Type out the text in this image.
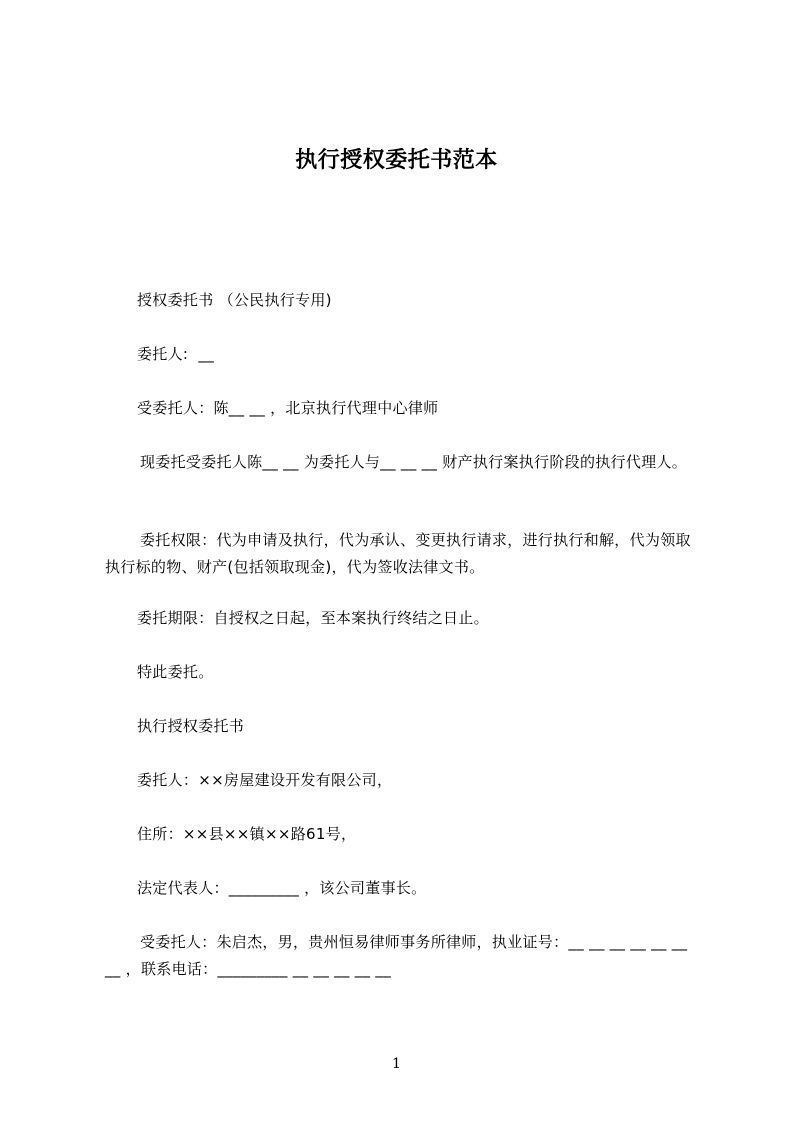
执行授权委托书范本
授权委托书 （公民执行专用)
委托人:  __
受委托人：陈__ __ ，北京执行代理中心律师
现委托受委托人陈__ __ 为委托人与__ __ __ 财产执行案执行阶段的执行代理人。
委托权限：代为申请及执行，代为承认、变更执行请求，进行执行和解，代为领取执行标的物、财产(包括领取现金)，代为签收法律文书。
委托期限：自授权之日起，至本案执行终结之日止。
特此委托。
执行授权委托书
委托人：××房屋建设开发有限公司，
住所：××县××镇××路61号，
法定代表人：_________ ，该公司董事长。
受委托人：朱启杰，男，贵州恒易律师事务所律师，执业证号：__ __ __ __ __ __ __ ，联系电话：_________ __ __ __ __ __
1
